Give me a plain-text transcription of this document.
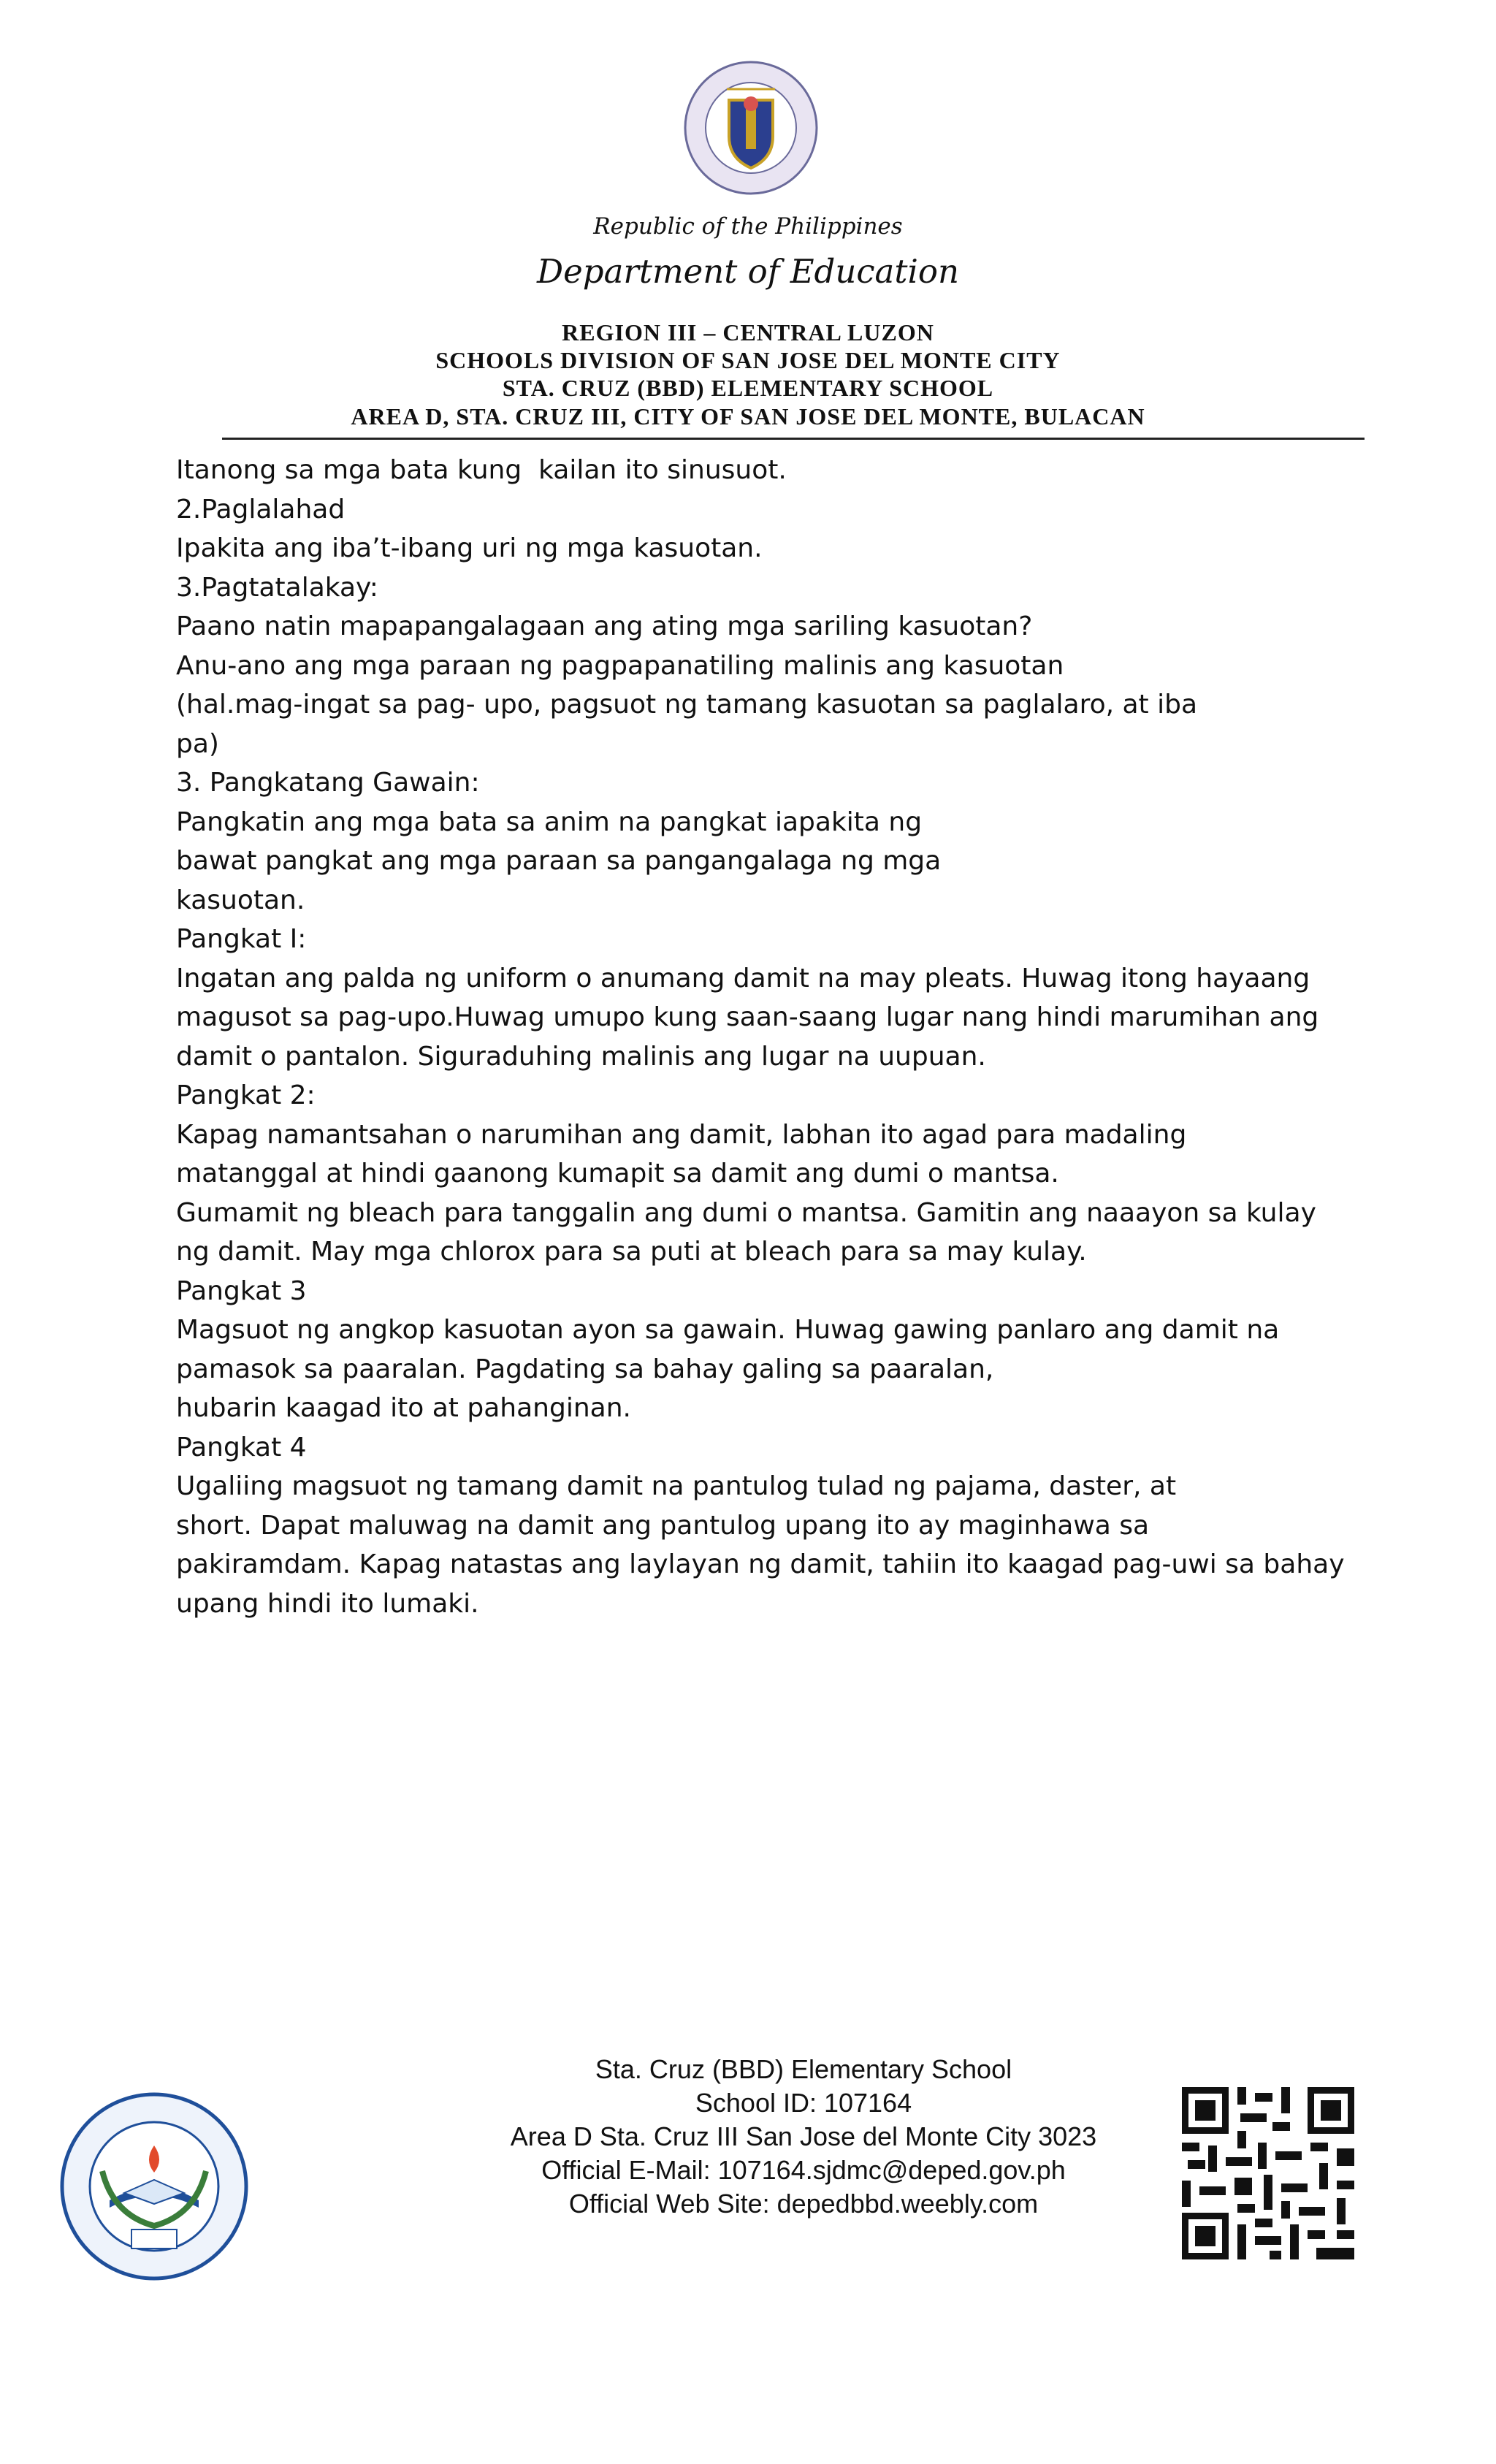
Republic of the Philippines
Department of Education
REGION III – CENTRAL LUZON
SCHOOLS DIVISION OF SAN JOSE DEL MONTE CITY
STA. CRUZ (BBD) ELEMENTARY SCHOOL
AREA D, STA. CRUZ III, CITY OF SAN JOSE DEL MONTE, BULACAN

Itanong sa mga bata kung  kailan ito sinusuot.

2.Paglalahad

Ipakita ang iba’t-ibang uri ng mga kasuotan.

3.Pagtatalakay:

Paano natin mapapangalagaan ang ating mga sariling kasuotan?

Anu-ano ang mga paraan ng pagpapanatiling malinis ang kasuotan

(hal.mag-ingat sa pag- upo, pagsuot ng tamang kasuotan sa paglalaro, at iba

pa)

3. Pangkatang Gawain:

Pangkatin ang mga bata sa anim na pangkat iapakita ng

bawat pangkat ang mga paraan sa pangangalaga ng mga

kasuotan.

Pangkat I:

Ingatan ang palda ng uniform o anumang damit na may pleats. Huwag itong hayaang

magusot sa pag-upo.Huwag umupo kung saan-saang lugar nang hindi marumihan ang

damit o pantalon. Siguraduhing malinis ang lugar na uupuan.

Pangkat 2:

Kapag namantsahan o narumihan ang damit, labhan ito agad para madaling

matanggal at hindi gaanong kumapit sa damit ang dumi o mantsa.

Gumamit ng bleach para tanggalin ang dumi o mantsa. Gamitin ang naaayon sa kulay

ng damit. May mga chlorox para sa puti at bleach para sa may kulay.

Pangkat 3

Magsuot ng angkop kasuotan ayon sa gawain. Huwag gawing panlaro ang damit na

pamasok sa paaralan. Pagdating sa bahay galing sa paaralan,

hubarin kaagad ito at pahanginan.

Pangkat 4

Ugaliing magsuot ng tamang damit na pantulog tulad ng pajama, daster, at

short. Dapat maluwag na damit ang pantulog upang ito ay maginhawa sa

pakiramdam. Kapag natastas ang laylayan ng damit, tahiin ito kaagad pag-uwi sa bahay

upang hindi ito lumaki.

Sta. Cruz (BBD) Elementary School
School ID: 107164
Area D Sta. Cruz III San Jose del Monte City 3023
Official E-Mail: 107164.sjdmc@deped.gov.ph
Official Web Site: depedbbd.weebly.com
